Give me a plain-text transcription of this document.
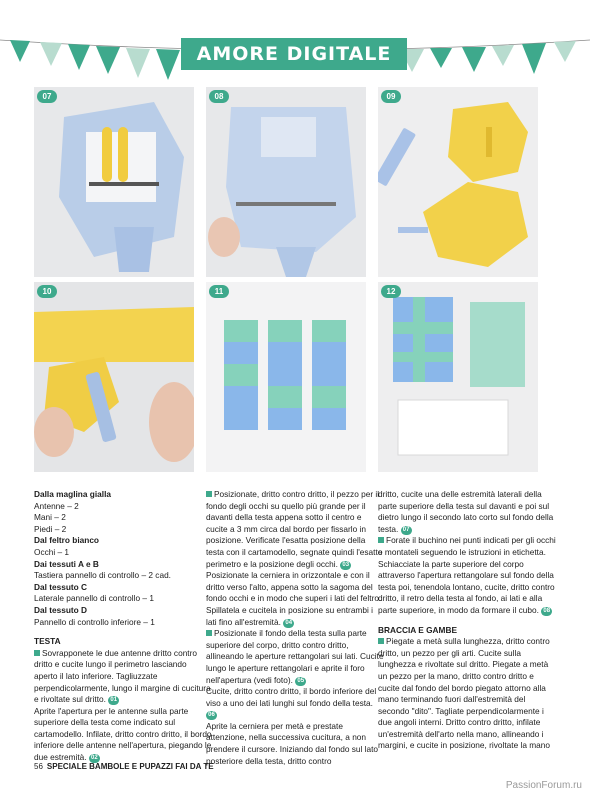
AMORE DIGITALE
07	08	09
10	11	12

Dalla maglina gialla

Antenne – 2

Mani – 2

Piedi – 2

Dal feltro bianco

Occhi – 1

Dai tessuti A e B

Tastiera pannello di controllo – 2 cad.

Dal tessuto C

Laterale pannello di controllo – 1

Dal tessuto D

Pannello di controllo inferiore – 1

TESTA

Sovrapponete le due antenne dritto contro dritto e cucite lungo il perimetro lasciando aperto il lato inferiore. Tagliuzzate perpendicolarmente, lungo il margine di cucitura e rivoltate sul dritto. 01

Aprite l'apertura per le antenne sulla parte superiore della testa come indicato sul cartamodello. Infilate, dritto contro dritto, il bordo inferiore delle antenne nell'apertura, piegando le due estremità. 02

Posizionate, dritto contro dritto, il pezzo per il fondo degli occhi su quello più grande per il davanti della testa appena sotto il centro e cucite a 3 mm circa dal bordo per fissarlo in posizione. Verificate l'esatta posizione della testa con il cartamodello, segnate quindi l'esatto perimetro e la posizione degli occhi. 03

Posizionate la cerniera in orizzontale e con il dritto verso l'alto, appena sotto la sagoma del fondo occhi e in modo che superi i lati del feltro. Spillatela e cucitela in posizione su entrambi i lati fino all'estremità. 04

Posizionate il fondo della testa sulla parte superiore del corpo, dritto contro dritto, allineando le aperture rettangolari sui lati. Cucite lungo le aperture rettangolari e aprite il foro nell'apertura (vedi foto). 05

Cucite, dritto contro dritto, il bordo inferiore del viso a uno dei lati lunghi sul fondo della testa. 06

Aprite la cerniera per metà e prestate attenzione, nella successiva cucitura, a non prendere il cursore. Iniziando dal fondo sul lato posteriore della testa, dritto contro

dritto, cucite una delle estremità laterali della parte superiore della testa sul davanti e poi sul dietro lungo il secondo lato corto sul fondo della testa. 07

Forate il buchino nei punti indicati per gli occhi e montateli seguendo le istruzioni in etichetta. Schiacciate la parte superiore del corpo attraverso l'apertura rettangolare sul fondo della testa poi, tenendola lontano, cucite, dritto contro dritto, il retro della testa al fondo, ai lati e alla parte superiore, in modo da formare il cubo. 08

BRACCIA E GAMBE

Piegate a metà sulla lunghezza, dritto contro dritto, un pezzo per gli arti. Cucite sulla lunghezza e rivoltate sul dritto. Piegate a metà un pezzo per la mano, dritto contro dritto e cucite dal fondo del bordo piegato attorno alla mano terminando fuori dall'estremità del secondo "dito". Tagliate perpendicolarmente i due angoli interni. Dritto contro dritto, infilate un'estremità dell'arto nella mano, allineando i margini, e cucite in posizione, rivoltate la mano

56 SPECIALE BAMBOLE E PUPAZZI FAI DA TE
PassionForum.ru
